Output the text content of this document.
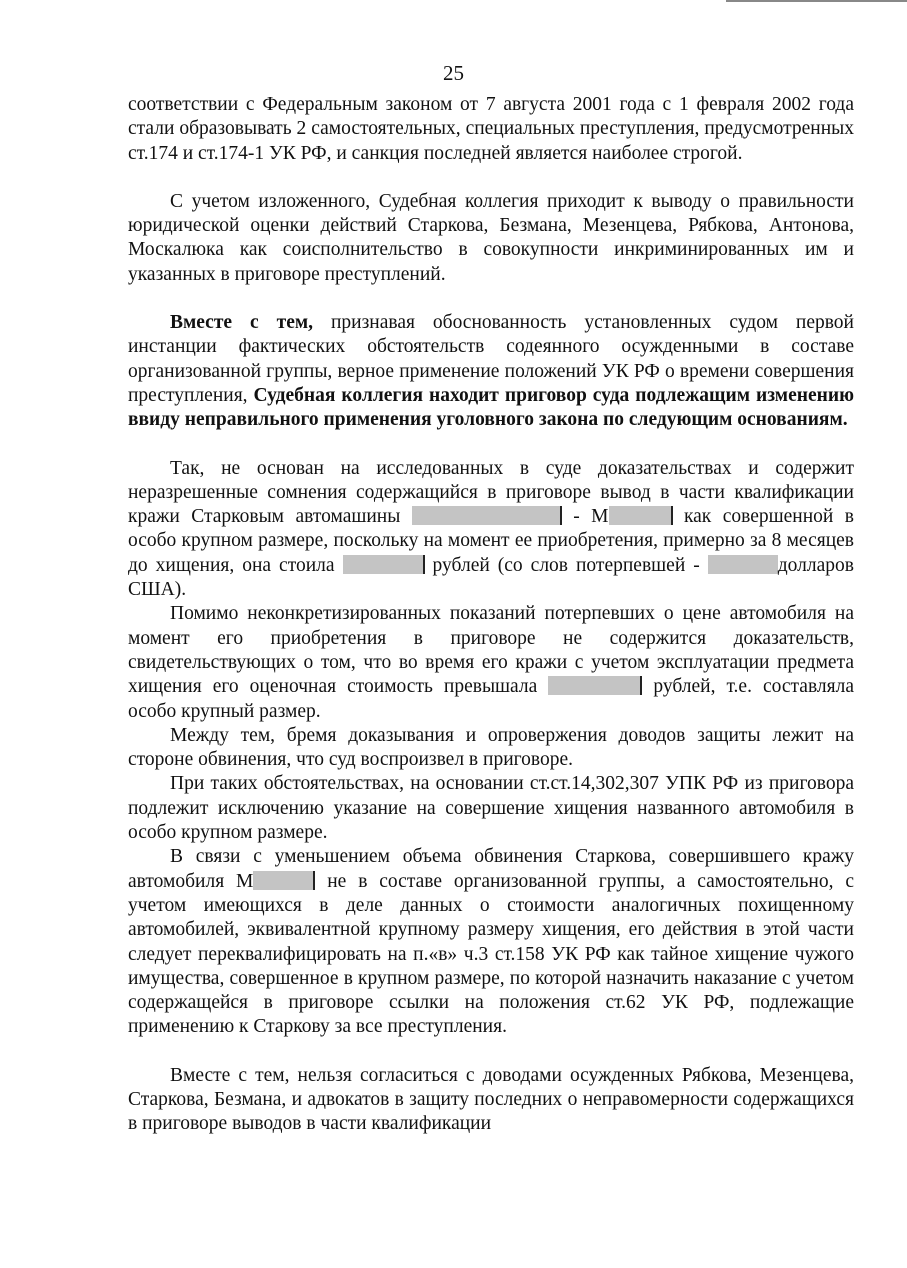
25

соответствии с Федеральным законом от 7 августа 2001 года с 1 февраля 2002 года стали образовывать 2 самостоятельных, специальных преступления, предусмотренных ст.174 и ст.174-1 УК РФ, и санкция последней является наиболее строгой.

С учетом изложенного, Судебная коллегия приходит к выводу о правильности юридической оценки действий Старкова, Безмана, Мезенцева, Рябкова, Антонова, Москалюка как соисполнительство в совокупности инкриминированных им и указанных в приговоре преступлений.

Вместе с тем, признавая обоснованность установленных судом первой инстанции фактических обстоятельств содеянного осужденными в составе организованной группы, верное применение положений УК РФ о времени совершения преступления, Судебная коллегия находит приговор суда подлежащим изменению ввиду неправильного применения уголовного закона по следующим основаниям.

Так, не основан на исследованных в суде доказательствах и содержит неразрешенные сомнения содержащийся в приговоре вывод в части квалификации кражи Старковым автомашины	- М	как совершенной в особо крупном размере, поскольку на момент ее приобретения, примерно за 8 месяцев до хищения, она стоила	рублей (со слов потерпевшей -	долларов США).

Помимо неконкретизированных показаний потерпевших о цене автомобиля на момент его приобретения в приговоре не содержится доказательств, свидетельствующих о том, что во время его кражи с учетом эксплуатации предмета хищения его оценочная стоимость превышала	рублей, т.е. составляла особо крупный размер.

Между тем, бремя доказывания и опровержения доводов защиты лежит на стороне обвинения, что суд воспроизвел в приговоре.

При таких обстоятельствах, на основании ст.ст.14,302,307 УПК РФ из приговора подлежит исключению указание на совершение хищения названного автомобиля в особо крупном размере.

В связи с уменьшением объема обвинения Старкова, совершившего кражу автомобиля М	не в составе организованной группы, а самостоятельно, с учетом имеющихся в деле данных о стоимости аналогичных похищенному автомобилей, эквивалентной крупному размеру хищения, его действия в этой части следует переквалифицировать на п.«в» ч.3 ст.158 УК РФ как тайное хищение чужого имущества, совершенное в крупном размере, по которой назначить наказание с учетом содержащейся в приговоре ссылки на положения ст.62 УК РФ, подлежащие применению к Старкову за все преступления.

Вместе с тем, нельзя согласиться с доводами осужденных Рябкова, Мезенцева, Старкова, Безмана, и адвокатов в защиту последних о неправомерности содержащихся в приговоре выводов в части квалификации
